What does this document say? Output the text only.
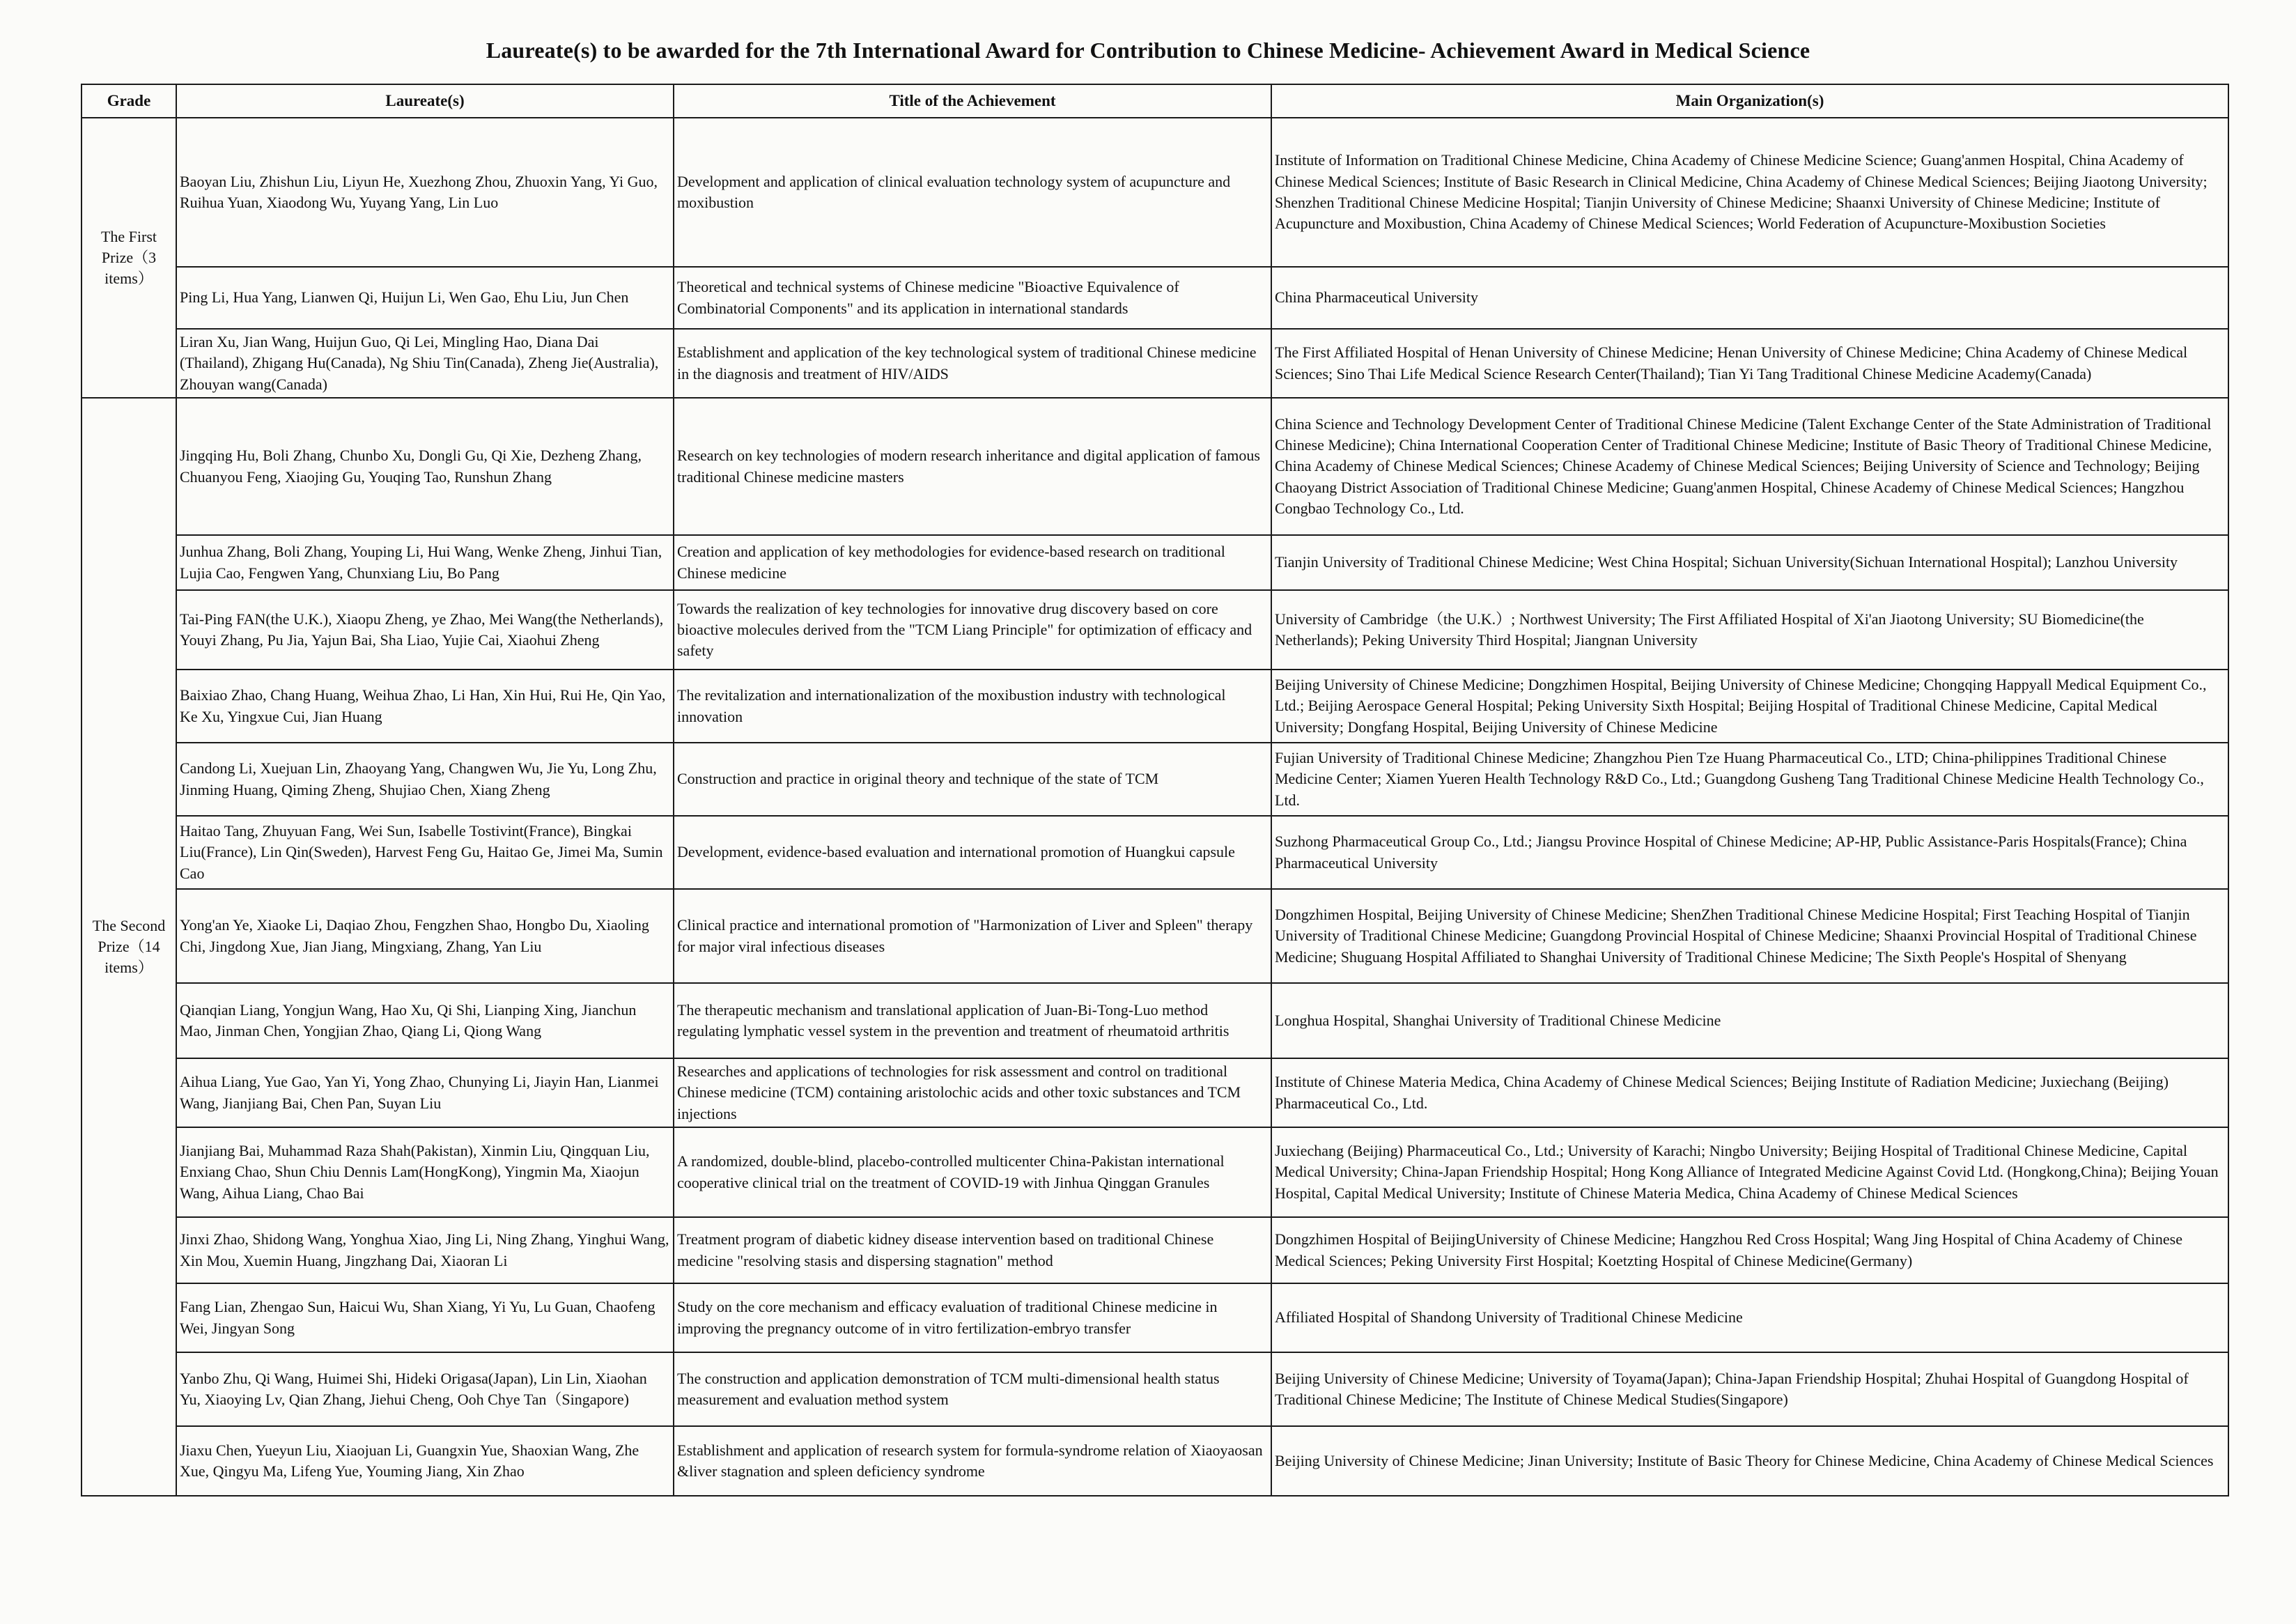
Laureate(s) to be awarded for the 7th International Award for Contribution to Chinese Medicine- Achievement Award in Medical Science
Grade	Laureate(s)	Title of the Achievement	Main Organization(s)
The First Prize（3 items）	Baoyan Liu, Zhishun Liu, Liyun He, Xuezhong Zhou, Zhuoxin Yang, Yi Guo, Ruihua Yuan, Xiaodong Wu, Yuyang Yang, Lin Luo	Development and application of clinical evaluation technology system of acupuncture and moxibustion	Institute of Information on Traditional Chinese Medicine, China Academy of Chinese Medicine Science; Guang'anmen Hospital, China Academy of Chinese Medical Sciences; Institute of Basic Research in Clinical Medicine, China Academy of Chinese Medical Sciences; Beijing Jiaotong University; Shenzhen Traditional Chinese Medicine Hospital; Tianjin University of Chinese Medicine; Shaanxi University of Chinese Medicine; Institute of Acupuncture and Moxibustion, China Academy of Chinese Medical Sciences; World Federation of Acupuncture-Moxibustion Societies
	Ping Li, Hua Yang, Lianwen Qi, Huijun Li, Wen Gao, Ehu Liu, Jun Chen	Theoretical and technical systems of Chinese medicine "Bioactive Equivalence of Combinatorial Components" and its application in international standards	China Pharmaceutical University
	Liran Xu, Jian Wang, Huijun Guo, Qi Lei, Mingling Hao, Diana Dai (Thailand), Zhigang Hu(Canada), Ng Shiu Tin(Canada), Zheng Jie(Australia), Zhouyan wang(Canada)	Establishment and application of the key technological system of traditional Chinese medicine in the diagnosis and treatment of HIV/AIDS	The First Affiliated Hospital of Henan University of Chinese Medicine; Henan University of Chinese Medicine; China Academy of Chinese Medical Sciences; Sino Thai Life Medical Science Research Center(Thailand); Tian Yi Tang Traditional Chinese Medicine Academy(Canada)
The Second Prize（14 items）	Jingqing Hu, Boli Zhang, Chunbo Xu, Dongli Gu, Qi Xie, Dezheng Zhang, Chuanyou Feng, Xiaojing Gu, Youqing Tao, Runshun Zhang	Research on key technologies of modern research inheritance and digital application of famous traditional Chinese medicine masters	China Science and Technology Development Center of Traditional Chinese Medicine (Talent Exchange Center of the State Administration of Traditional Chinese Medicine); China International Cooperation Center of Traditional Chinese Medicine; Institute of Basic Theory of Traditional Chinese Medicine, China Academy of Chinese Medical Sciences; Chinese Academy of Chinese Medical Sciences; Beijing University of Science and Technology; Beijing Chaoyang District Association of Traditional Chinese Medicine; Guang'anmen Hospital, Chinese Academy of Chinese Medical Sciences; Hangzhou Congbao Technology Co., Ltd.
	Junhua Zhang, Boli Zhang, Youping Li, Hui Wang, Wenke Zheng, Jinhui Tian, Lujia Cao, Fengwen Yang, Chunxiang Liu, Bo Pang	Creation and application of key methodologies for evidence-based research on traditional Chinese medicine	Tianjin University of Traditional Chinese Medicine; West China Hospital; Sichuan University(Sichuan International Hospital); Lanzhou University
	Tai-Ping FAN(the U.K.), Xiaopu Zheng, ye Zhao, Mei Wang(the Netherlands), Youyi Zhang, Pu Jia, Yajun Bai, Sha Liao, Yujie Cai, Xiaohui Zheng	Towards the realization of key technologies for innovative drug discovery based on core bioactive molecules derived from the "TCM Liang Principle" for optimization of efficacy and safety	University of Cambridge（the U.K.）; Northwest University; The First Affiliated Hospital of Xi'an Jiaotong University; SU Biomedicine(the Netherlands); Peking University Third Hospital; Jiangnan University
	Baixiao Zhao, Chang Huang, Weihua Zhao, Li Han, Xin Hui, Rui He, Qin Yao, Ke Xu, Yingxue Cui, Jian Huang	The revitalization and internationalization of the moxibustion industry with technological innovation	Beijing University of Chinese Medicine; Dongzhimen Hospital, Beijing University of Chinese Medicine; Chongqing Happyall Medical Equipment Co., Ltd.; Beijing Aerospace General Hospital; Peking University Sixth Hospital; Beijing Hospital of Traditional Chinese Medicine, Capital Medical University; Dongfang Hospital, Beijing University of Chinese Medicine
	Candong Li, Xuejuan Lin, Zhaoyang Yang, Changwen Wu, Jie Yu, Long Zhu, Jinming Huang, Qiming Zheng, Shujiao Chen, Xiang Zheng	Construction and practice in original theory and technique of the state of TCM	Fujian University of Traditional Chinese Medicine; Zhangzhou Pien Tze Huang Pharmaceutical Co., LTD; China-philippines Traditional Chinese Medicine Center; Xiamen Yueren Health Technology R&D Co., Ltd.; Guangdong Gusheng Tang Traditional Chinese Medicine Health Technology Co., Ltd.
	Haitao Tang, Zhuyuan Fang, Wei Sun, Isabelle Tostivint(France), Bingkai Liu(France), Lin Qin(Sweden), Harvest Feng Gu, Haitao Ge, Jimei Ma, Sumin Cao	Development, evidence-based evaluation and international promotion of Huangkui capsule	Suzhong Pharmaceutical Group Co., Ltd.; Jiangsu Province Hospital of Chinese Medicine; AP-HP, Public Assistance-Paris Hospitals(France); China Pharmaceutical University
	Yong'an Ye, Xiaoke Li, Daqiao Zhou, Fengzhen Shao, Hongbo Du, Xiaoling Chi, Jingdong Xue, Jian Jiang, Mingxiang, Zhang, Yan Liu	Clinical practice and international promotion of "Harmonization of Liver and Spleen" therapy for major viral infectious diseases	Dongzhimen Hospital, Beijing University of Chinese Medicine; ShenZhen Traditional Chinese Medicine Hospital; First Teaching Hospital of Tianjin University of Traditional Chinese Medicine; Guangdong Provincial Hospital of Chinese Medicine; Shaanxi Provincial Hospital of Traditional Chinese Medicine; Shuguang Hospital Affiliated to Shanghai University of Traditional Chinese Medicine; The Sixth People's Hospital of Shenyang
	Qianqian Liang, Yongjun Wang, Hao Xu, Qi Shi, Lianping Xing, Jianchun Mao, Jinman Chen, Yongjian Zhao, Qiang Li, Qiong Wang	The therapeutic mechanism and translational application of Juan-Bi-Tong-Luo method regulating lymphatic vessel system in the prevention and treatment of rheumatoid arthritis	Longhua Hospital, Shanghai University of Traditional Chinese Medicine
	Aihua Liang, Yue Gao, Yan Yi, Yong Zhao, Chunying Li, Jiayin Han, Lianmei Wang, Jianjiang Bai, Chen Pan, Suyan Liu	Researches and applications of technologies for risk assessment and control on traditional Chinese medicine (TCM) containing aristolochic acids and other toxic substances and TCM injections	Institute of Chinese Materia Medica, China Academy of Chinese Medical Sciences; Beijing Institute of Radiation Medicine; Juxiechang (Beijing) Pharmaceutical Co., Ltd.
	Jianjiang Bai, Muhammad Raza Shah(Pakistan), Xinmin Liu, Qingquan Liu, Enxiang Chao, Shun Chiu Dennis Lam(HongKong), Yingmin Ma, Xiaojun Wang, Aihua Liang, Chao Bai	A randomized, double-blind, placebo-controlled multicenter China-Pakistan international cooperative clinical trial on the treatment of COVID-19 with Jinhua Qinggan Granules	Juxiechang (Beijing) Pharmaceutical Co., Ltd.; University of Karachi; Ningbo University; Beijing Hospital of Traditional Chinese Medicine, Capital Medical University; China-Japan Friendship Hospital; Hong Kong Alliance of Integrated Medicine Against Covid Ltd. (Hongkong,China); Beijing Youan Hospital, Capital Medical University; Institute of Chinese Materia Medica, China Academy of Chinese Medical Sciences
	Jinxi Zhao, Shidong Wang, Yonghua Xiao, Jing Li, Ning Zhang, Yinghui Wang, Xin Mou, Xuemin Huang, Jingzhang Dai, Xiaoran Li	Treatment program of diabetic kidney disease intervention based on traditional Chinese medicine "resolving stasis and dispersing stagnation" method	Dongzhimen Hospital of BeijingUniversity of Chinese Medicine; Hangzhou Red Cross Hospital; Wang Jing Hospital of China Academy of Chinese Medical Sciences; Peking University First Hospital; Koetzting Hospital of Chinese Medicine(Germany)
	Fang Lian, Zhengao Sun, Haicui Wu, Shan Xiang, Yi Yu, Lu Guan, Chaofeng Wei, Jingyan Song	Study on the core mechanism and efficacy evaluation of traditional Chinese medicine in improving the pregnancy outcome of in vitro fertilization-embryo transfer	Affiliated Hospital of Shandong University of Traditional Chinese Medicine
	Yanbo Zhu, Qi Wang, Huimei Shi, Hideki Origasa(Japan), Lin Lin, Xiaohan Yu, Xiaoying Lv, Qian Zhang, Jiehui Cheng, Ooh Chye Tan（Singapore)	The construction and application demonstration of TCM multi-dimensional health status measurement and evaluation method system	Beijing University of Chinese Medicine; University of Toyama(Japan); China-Japan Friendship Hospital; Zhuhai Hospital of Guangdong Hospital of Traditional Chinese Medicine; The Institute of Chinese Medical Studies(Singapore)
	Jiaxu Chen, Yueyun Liu, Xiaojuan Li, Guangxin Yue, Shaoxian Wang, Zhe Xue, Qingyu Ma, Lifeng Yue, Youming Jiang, Xin Zhao	Establishment and application of research system for formula-syndrome relation of Xiaoyaosan &liver stagnation and spleen deficiency syndrome	Beijing University of Chinese Medicine; Jinan University; Institute of Basic Theory for Chinese Medicine, China Academy of Chinese Medical Sciences
